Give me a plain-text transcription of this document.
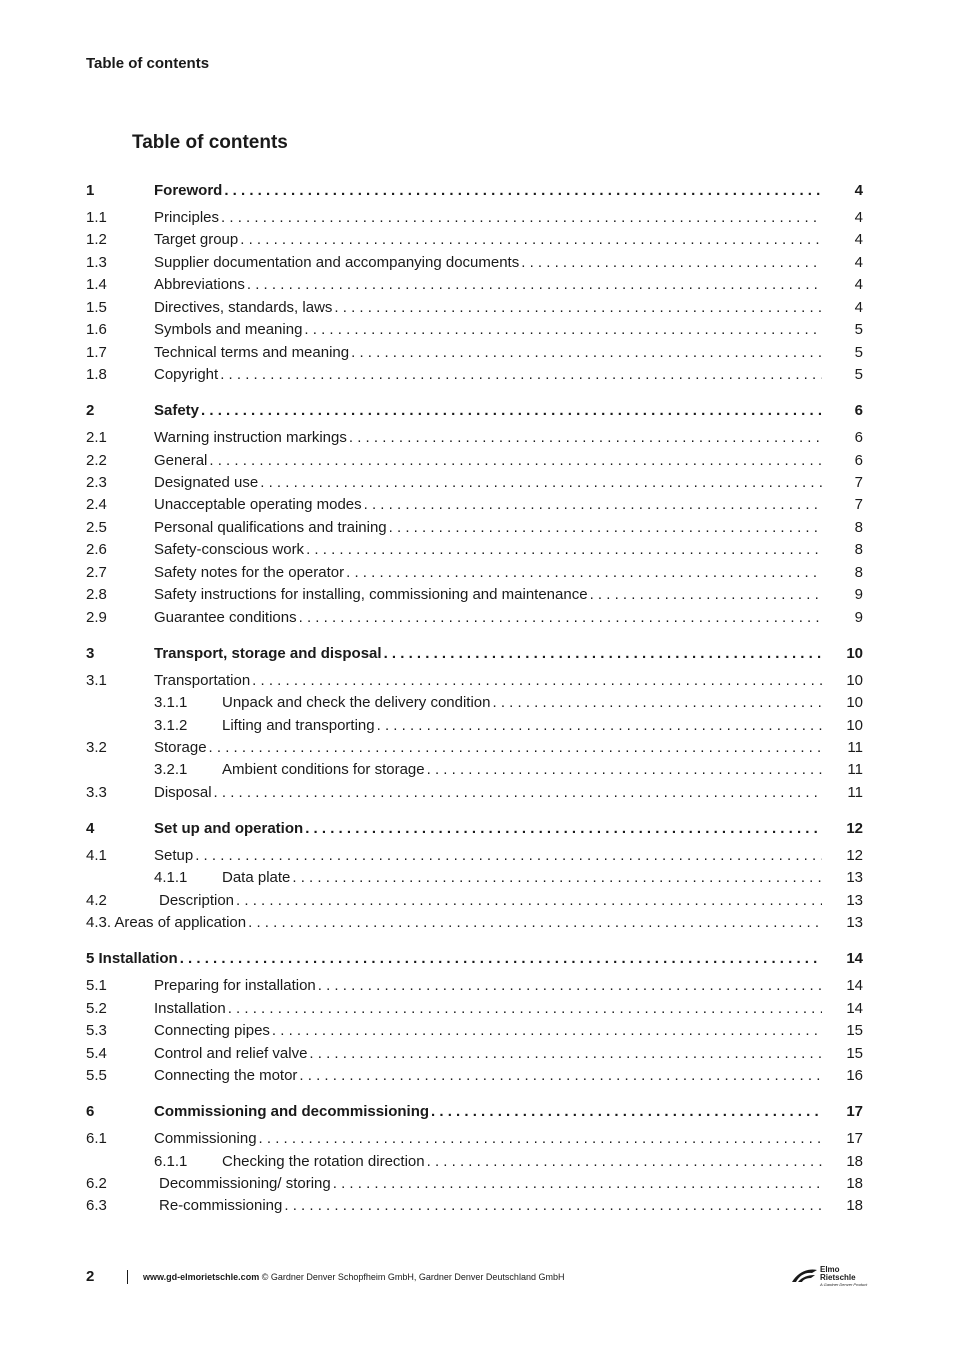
Table of contents
Table of contents
1	Foreword . . .	4
1.1	Principles . . .	4
1.2	Target group . . .	4
1.3	Supplier documentation and accompanying documents . . .	4
1.4	Abbreviations . . .	4
1.5	Directives, standards, laws . . .	4
1.6	Symbols and meaning . . .	5
1.7	Technical terms and meaning . . .	5
1.8	Copyright . . .	5
2	Safety . . .	6
2.1	Warning instruction markings . . .	6
2.2	General . . .	6
2.3	Designated use . . .	7
2.4	Unacceptable operating modes . . .	7
2.5	Personal qualifications and training . . .	8
2.6	Safety-conscious work . . .	8
2.7	Safety notes for the operator . . .	8
2.8	Safety instructions for installing, commissioning and maintenance . . .	9
2.9	Guarantee conditions . . .	9
3	Transport, storage and disposal . . .	10
3.1	Transportation . . .	10
3.1.1 Unpack and check the delivery condition . . .	10
3.1.2 Lifting and transporting . . .	10
3.2	Storage . . .	11
3.2.1 Ambient conditions for storage . . .	11
3.3	Disposal . . .	11
4	Set up and operation . . .	12
4.1	Setup . . .	12
4.1.1 Data plate . . .	13
4.2	Description . . .	13
4.3. Areas of application . . .	13
5 Installation . . .	14
5.1	Preparing for installation . . .	14
5.2	Installation . . .	14
5.3	Connecting pipes . . .	15
5.4	Control and relief valve . . .	15
5.5	Connecting the motor . . .	16
6	Commissioning and decommissioning . . .	17
6.1	Commissioning . . .	17
6.1.1 Checking the rotation direction . . .	18
6.2	Decommissioning/ storing . . .	18
6.3	Re-commissioning . . .	18
2	www.gd-elmorietschle.com © Gardner Denver Schopfheim GmbH, Gardner Denver Deutschland GmbH
Elmo
Rietschle
A Gardner Denver Product
